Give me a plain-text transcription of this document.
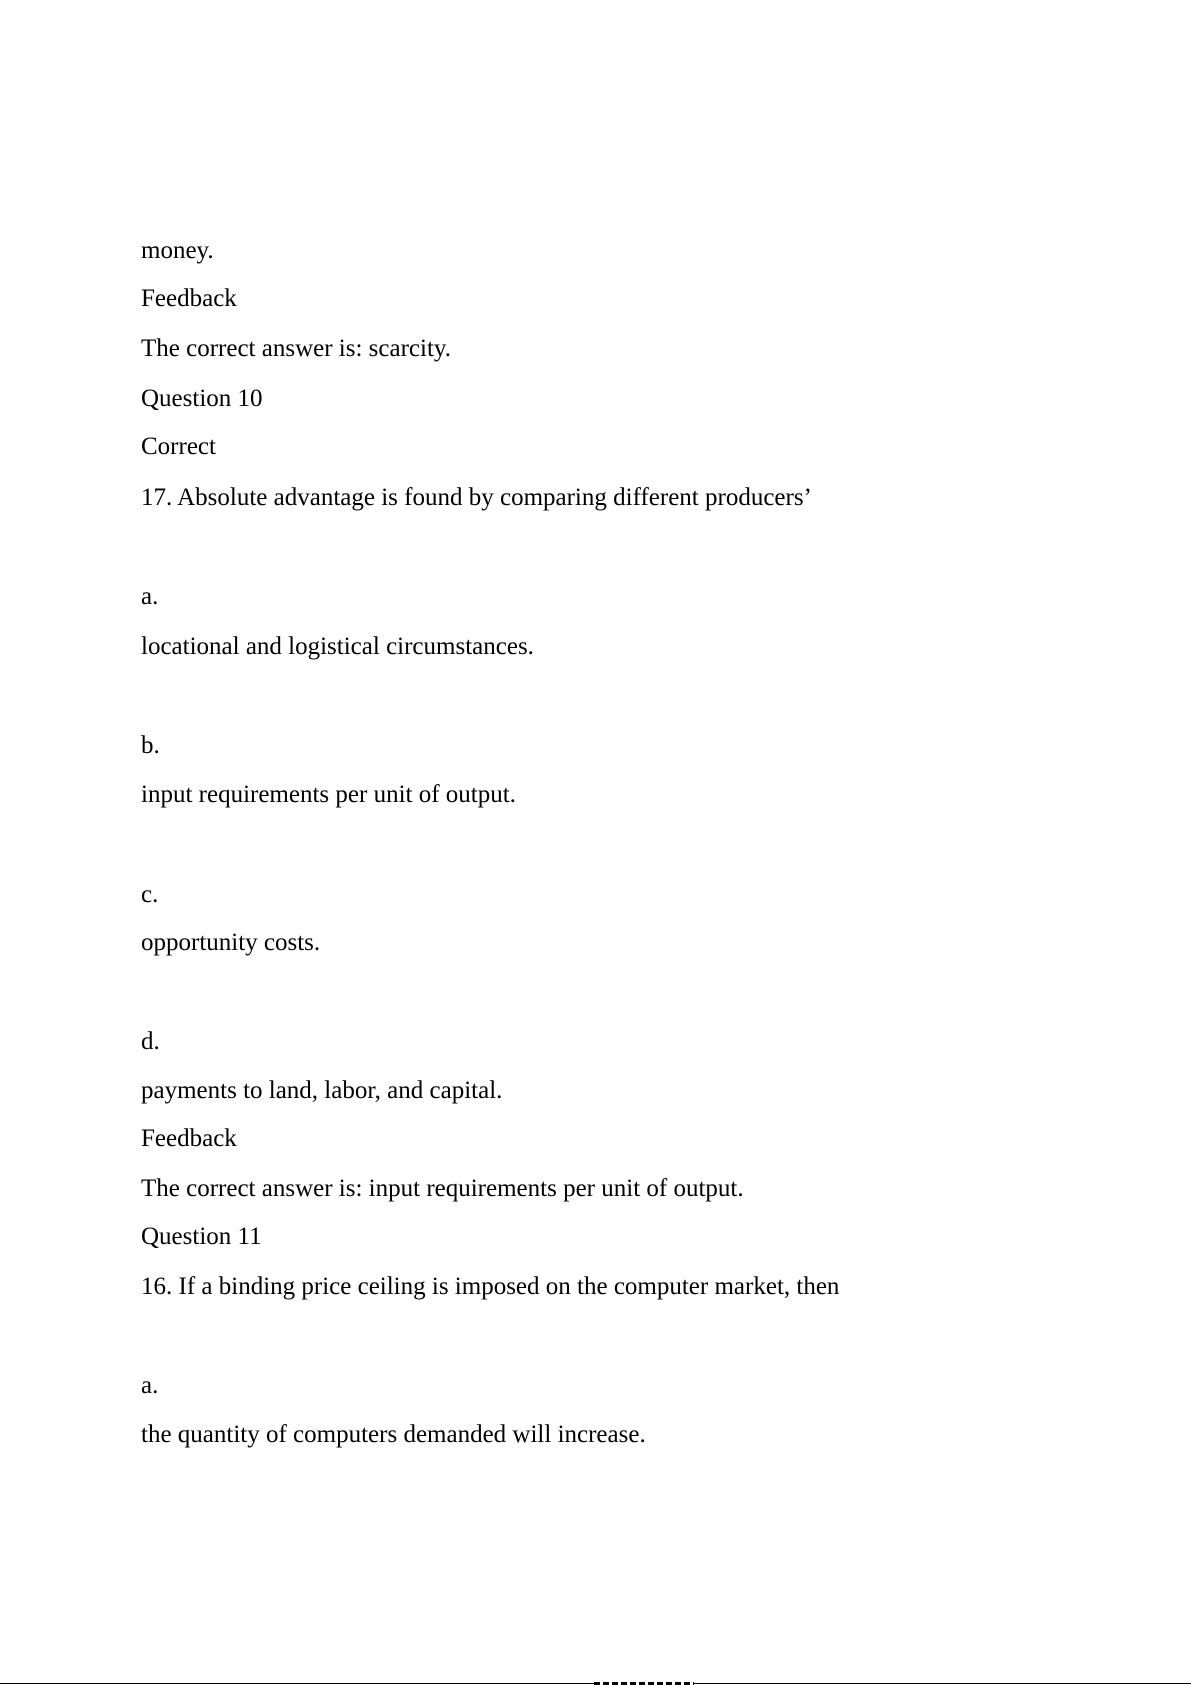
money.
Feedback
The correct answer is: scarcity.
Question 10
Correct
17. Absolute advantage is found by comparing different producers’
a.
locational and logistical circumstances.
b.
input requirements per unit of output.
c.
opportunity costs.
d.
payments to land, labor, and capital.
Feedback
The correct answer is: input requirements per unit of output.
Question 11
16. If a binding price ceiling is imposed on the computer market, then
a.
the quantity of computers demanded will increase.
